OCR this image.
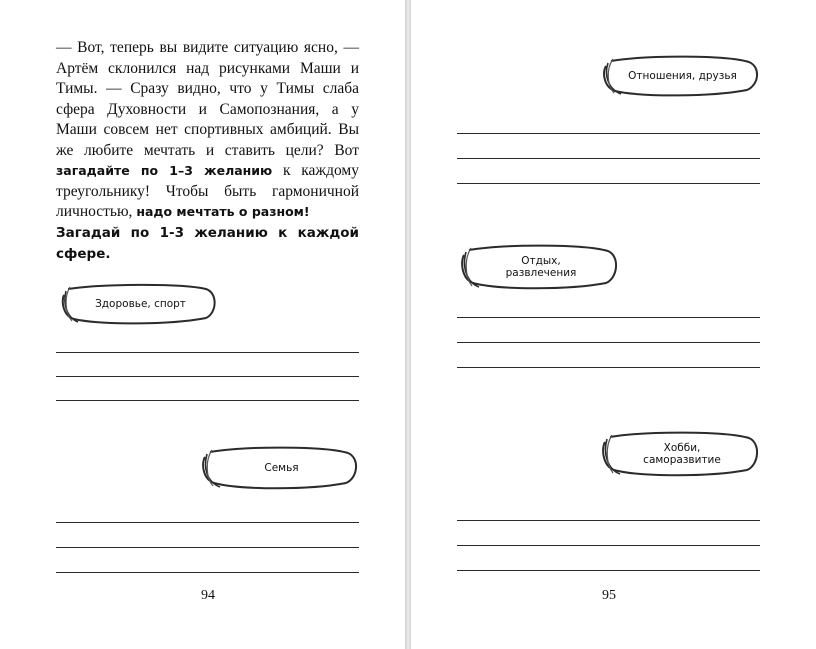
— Вот, теперь вы видите ситуацию ясно, — Артём склонился над рисунками Маши и Тимы. — Сразу видно, что у Тимы слаба сфера Духовности и Самопознания, а у Маши совсем нет спортивных амбиций. Вы же любите мечтать и ставить цели? Вот загадайте по 1–3 желанию к каждому треугольнику! Чтобы быть гармоничной личностью, надо мечтать о разном!

Загадай по 1-3 желанию к каждой сфере.

Здоровье, спорт
Семья
94
Отношения, друзья
Отдых,
развлечения
Хобби,
саморазвитие
95
